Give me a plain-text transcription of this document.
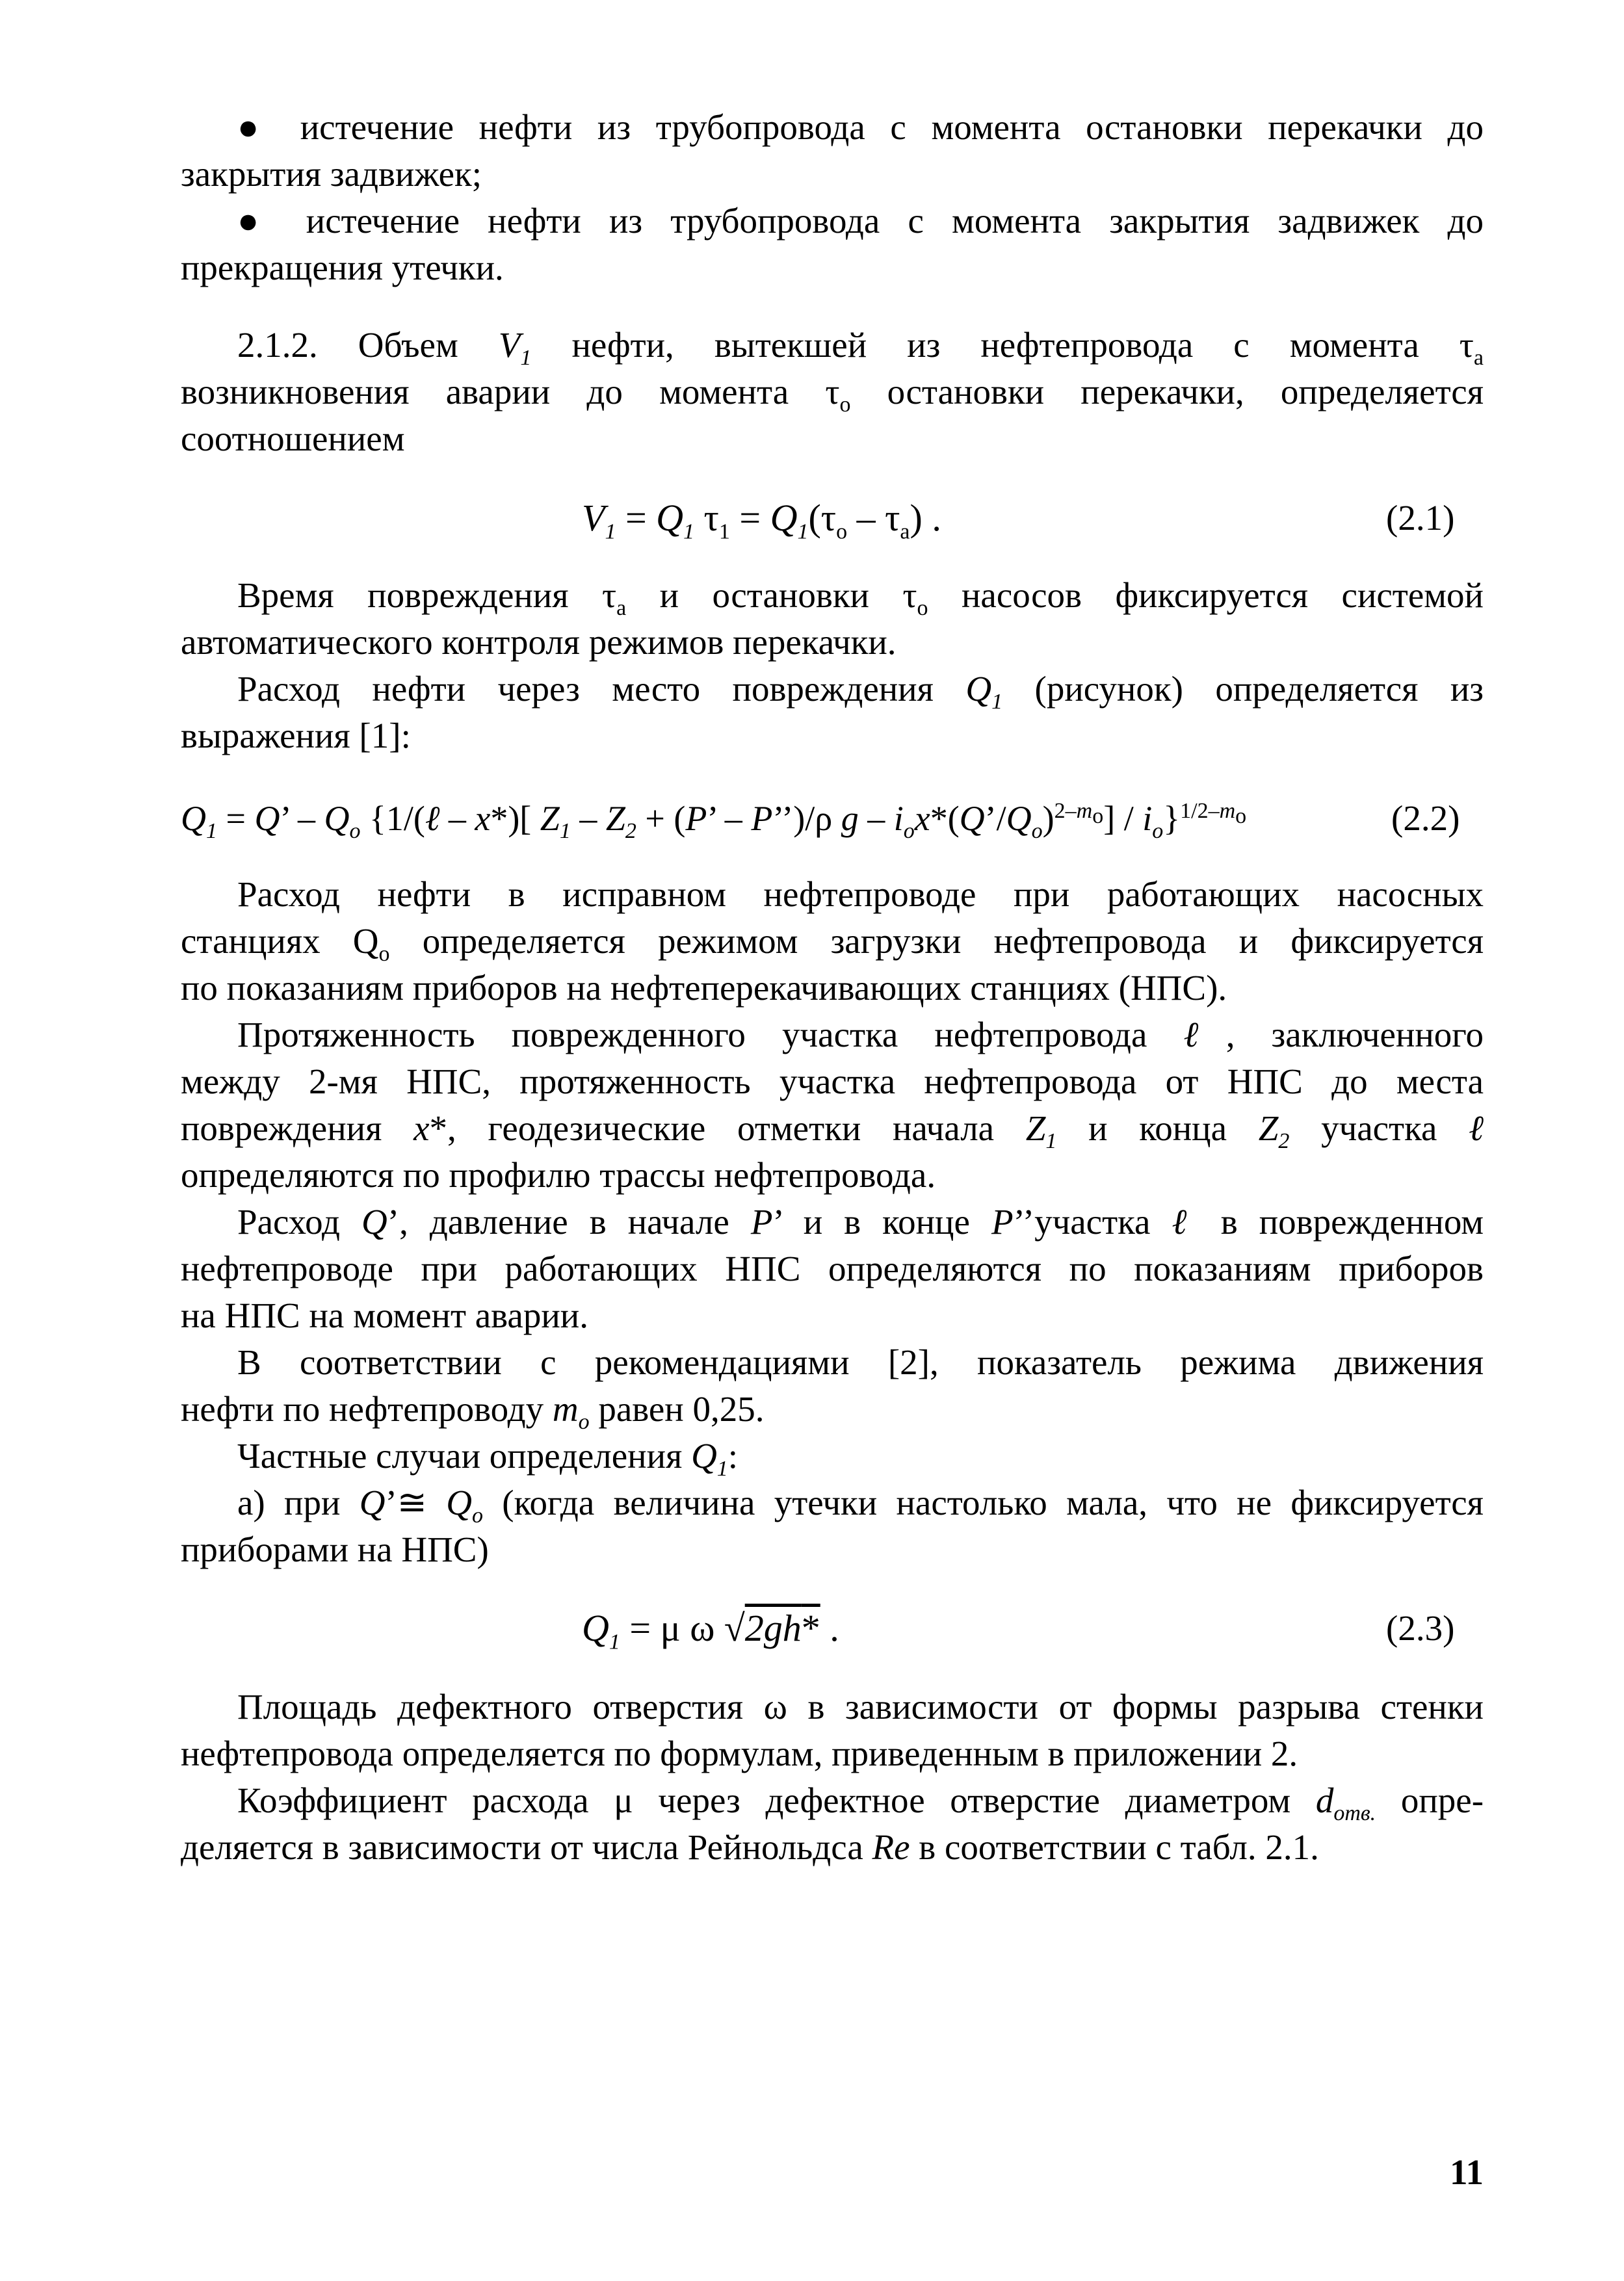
● истечение нефти из трубопровода с момента остановки перекачки до
закрытия задвижек;
● истечение нефти из трубопровода с момента закрытия задвижек до
прекращения утечки.
2.1.2. Объем $V_1$ нефти, вытекшей из нефтепровода с момента $\tau_а$
возникновения аварии до момента $\tau_о$ остановки перекачки, определяется
соотношением
$V_1 = Q_1$ $\tau_1 = Q_1(\tau_о - \tau_а)$ .	(2.1)
Время повреждения $\tau_а$ и остановки $\tau_о$ насосов фиксируется системой
автоматического контроля режимов перекачки.
Расход нефти через место повреждения $Q_1$ (рисунок) определяется из
выражения [1]:
$Q_1 = Q$’ – $Q_o$ {1/(ℓ – x*)[ $Z_1 - Z_2 + (P$’ – P’’)/ρ g – $i_ox*(Q’/Q_o)^{2-m_o}] / i_o\}^{1/2-m_o}$	(2.2)
Расход нефти в исправном нефтепроводе при работающих насосных
станциях $Q_о$ определяется режимом загрузки нефтепровода и фиксируется
по показаниям приборов на нефтеперекачивающих станциях (НПС).
Протяженность поврежденного участка нефтепровода ℓ, заключенного
между 2-мя НПС, протяженность участка нефтепровода от НПС до места
повреждения x*, геодезические отметки начала $Z_1$ и конца $Z_2$ участка ℓ
определяются по профилю трассы нефтепровода.
Расход Q’, давление в начале P’ и в конце P’’участка ℓ в поврежденном
нефтепроводе при работающих НПС определяются по показаниям приборов
на НПС на момент аварии.
В соответствии с рекомендациями [2], показатель режима движения
нефти по нефтепроводу $m_o$ равен 0,25.
Частные случаи определения $Q_1$:
а) при Q’≅ $Q_o$ (когда величина утечки настолько мала, что не фиксируется
приборами на НПС)
$Q_1 = \mu$ ω √2gh* .	(2.3)
Площадь дефектного отверстия ω в зависимости от формы разрыва стенки
нефтепровода определяется по формулам, приведенным в приложении 2.
Коэффициент расхода μ через дефектное отверстие диаметром $d_{отв.}$ опре-
деляется в зависимости от числа Рейнольдса Re в соответствии с табл. 2.1.
11
